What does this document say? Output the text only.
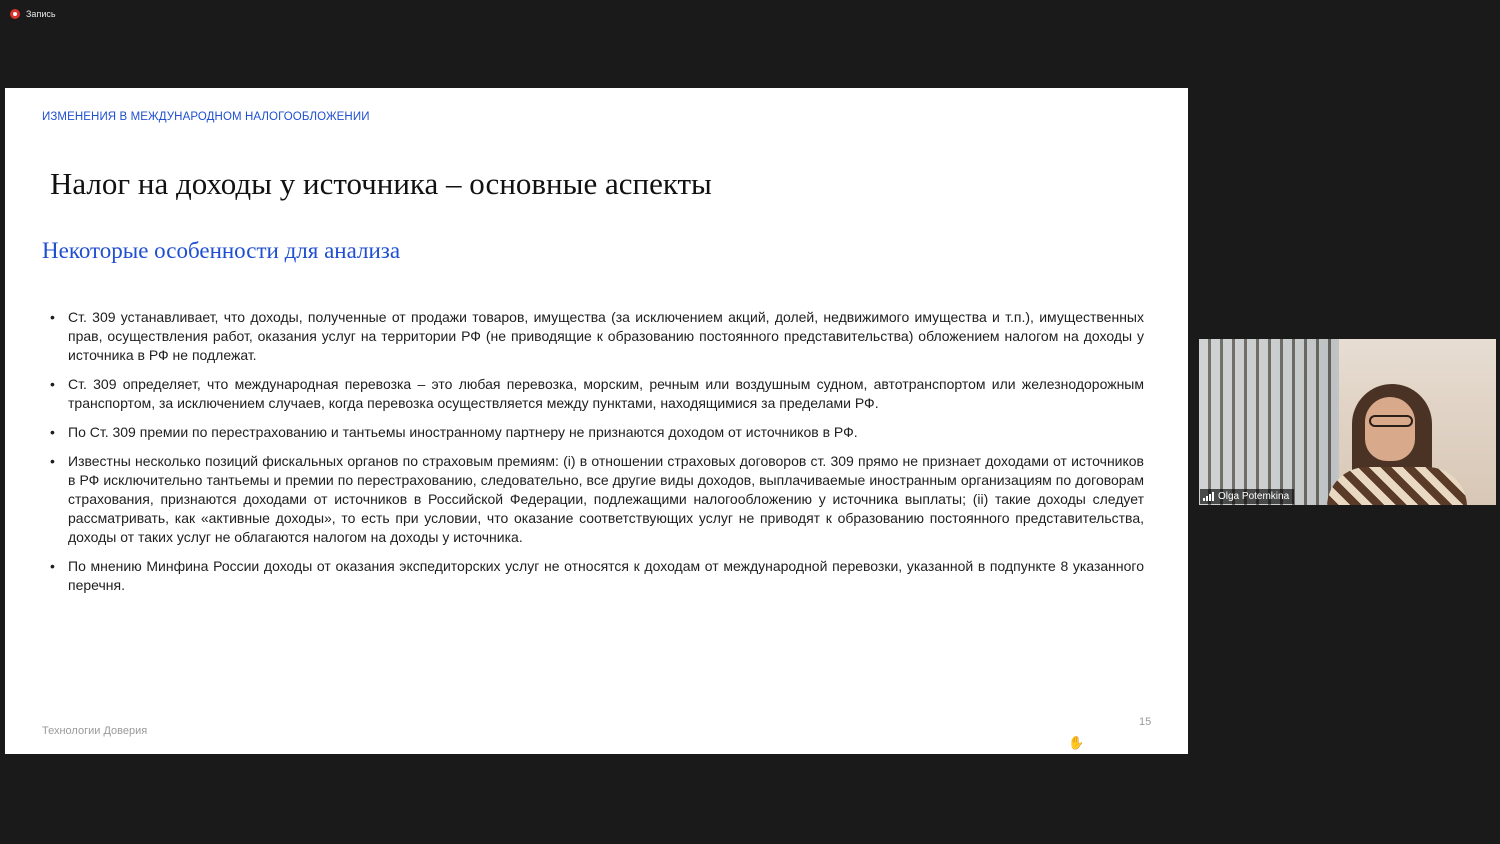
Запись
ИЗМЕНЕНИЯ В МЕЖДУНАРОДНОМ НАЛОГООБЛОЖЕНИИ
Налог на доходы у источника – основные аспекты
Некоторые особенности для анализа
• Ст. 309 устанавливает, что доходы, полученные от продажи товаров, имущества (за исключением акций, долей, недвижимого имущества и т.п.), имущественных прав, осуществления работ, оказания услуг на территории РФ (не приводящие к образованию постоянного представительства) обложением налогом на доходы у источника в РФ не подлежат.
• Ст. 309 определяет, что международная перевозка – это любая перевозка, морским, речным или воздушным судном, автотранспортом или железнодорожным транспортом, за исключением случаев, когда перевозка осуществляется между пунктами, находящимися за пределами РФ.
• По Ст. 309 премии по перестрахованию и тантьемы иностранному партнеру не признаются доходом от источников в РФ.
• Известны несколько позиций фискальных органов по страховым премиям: (i) в отношении страховых договоров ст. 309 прямо не признает доходами от источников в РФ исключительно тантьемы и премии по перестрахованию, следовательно, все другие виды доходов, выплачиваемые иностранным организациям по договорам страхования, признаются доходами от источников в Российской Федерации, подлежащими налогообложению у источника выплаты; (ii) такие доходы следует рассматривать, как «активные доходы», то есть при условии, что оказание соответствующих услуг не приводят к образованию постоянного представительства, доходы от таких услуг не облагаются налогом на доходы у источника.
• По мнению Минфина России доходы от оказания экспедиторских услуг не относятся к доходам от международной перевозки, указанной в подпункте 8 указанного перечня.
Технологии Доверия
15
✋
Olga Potemkina
